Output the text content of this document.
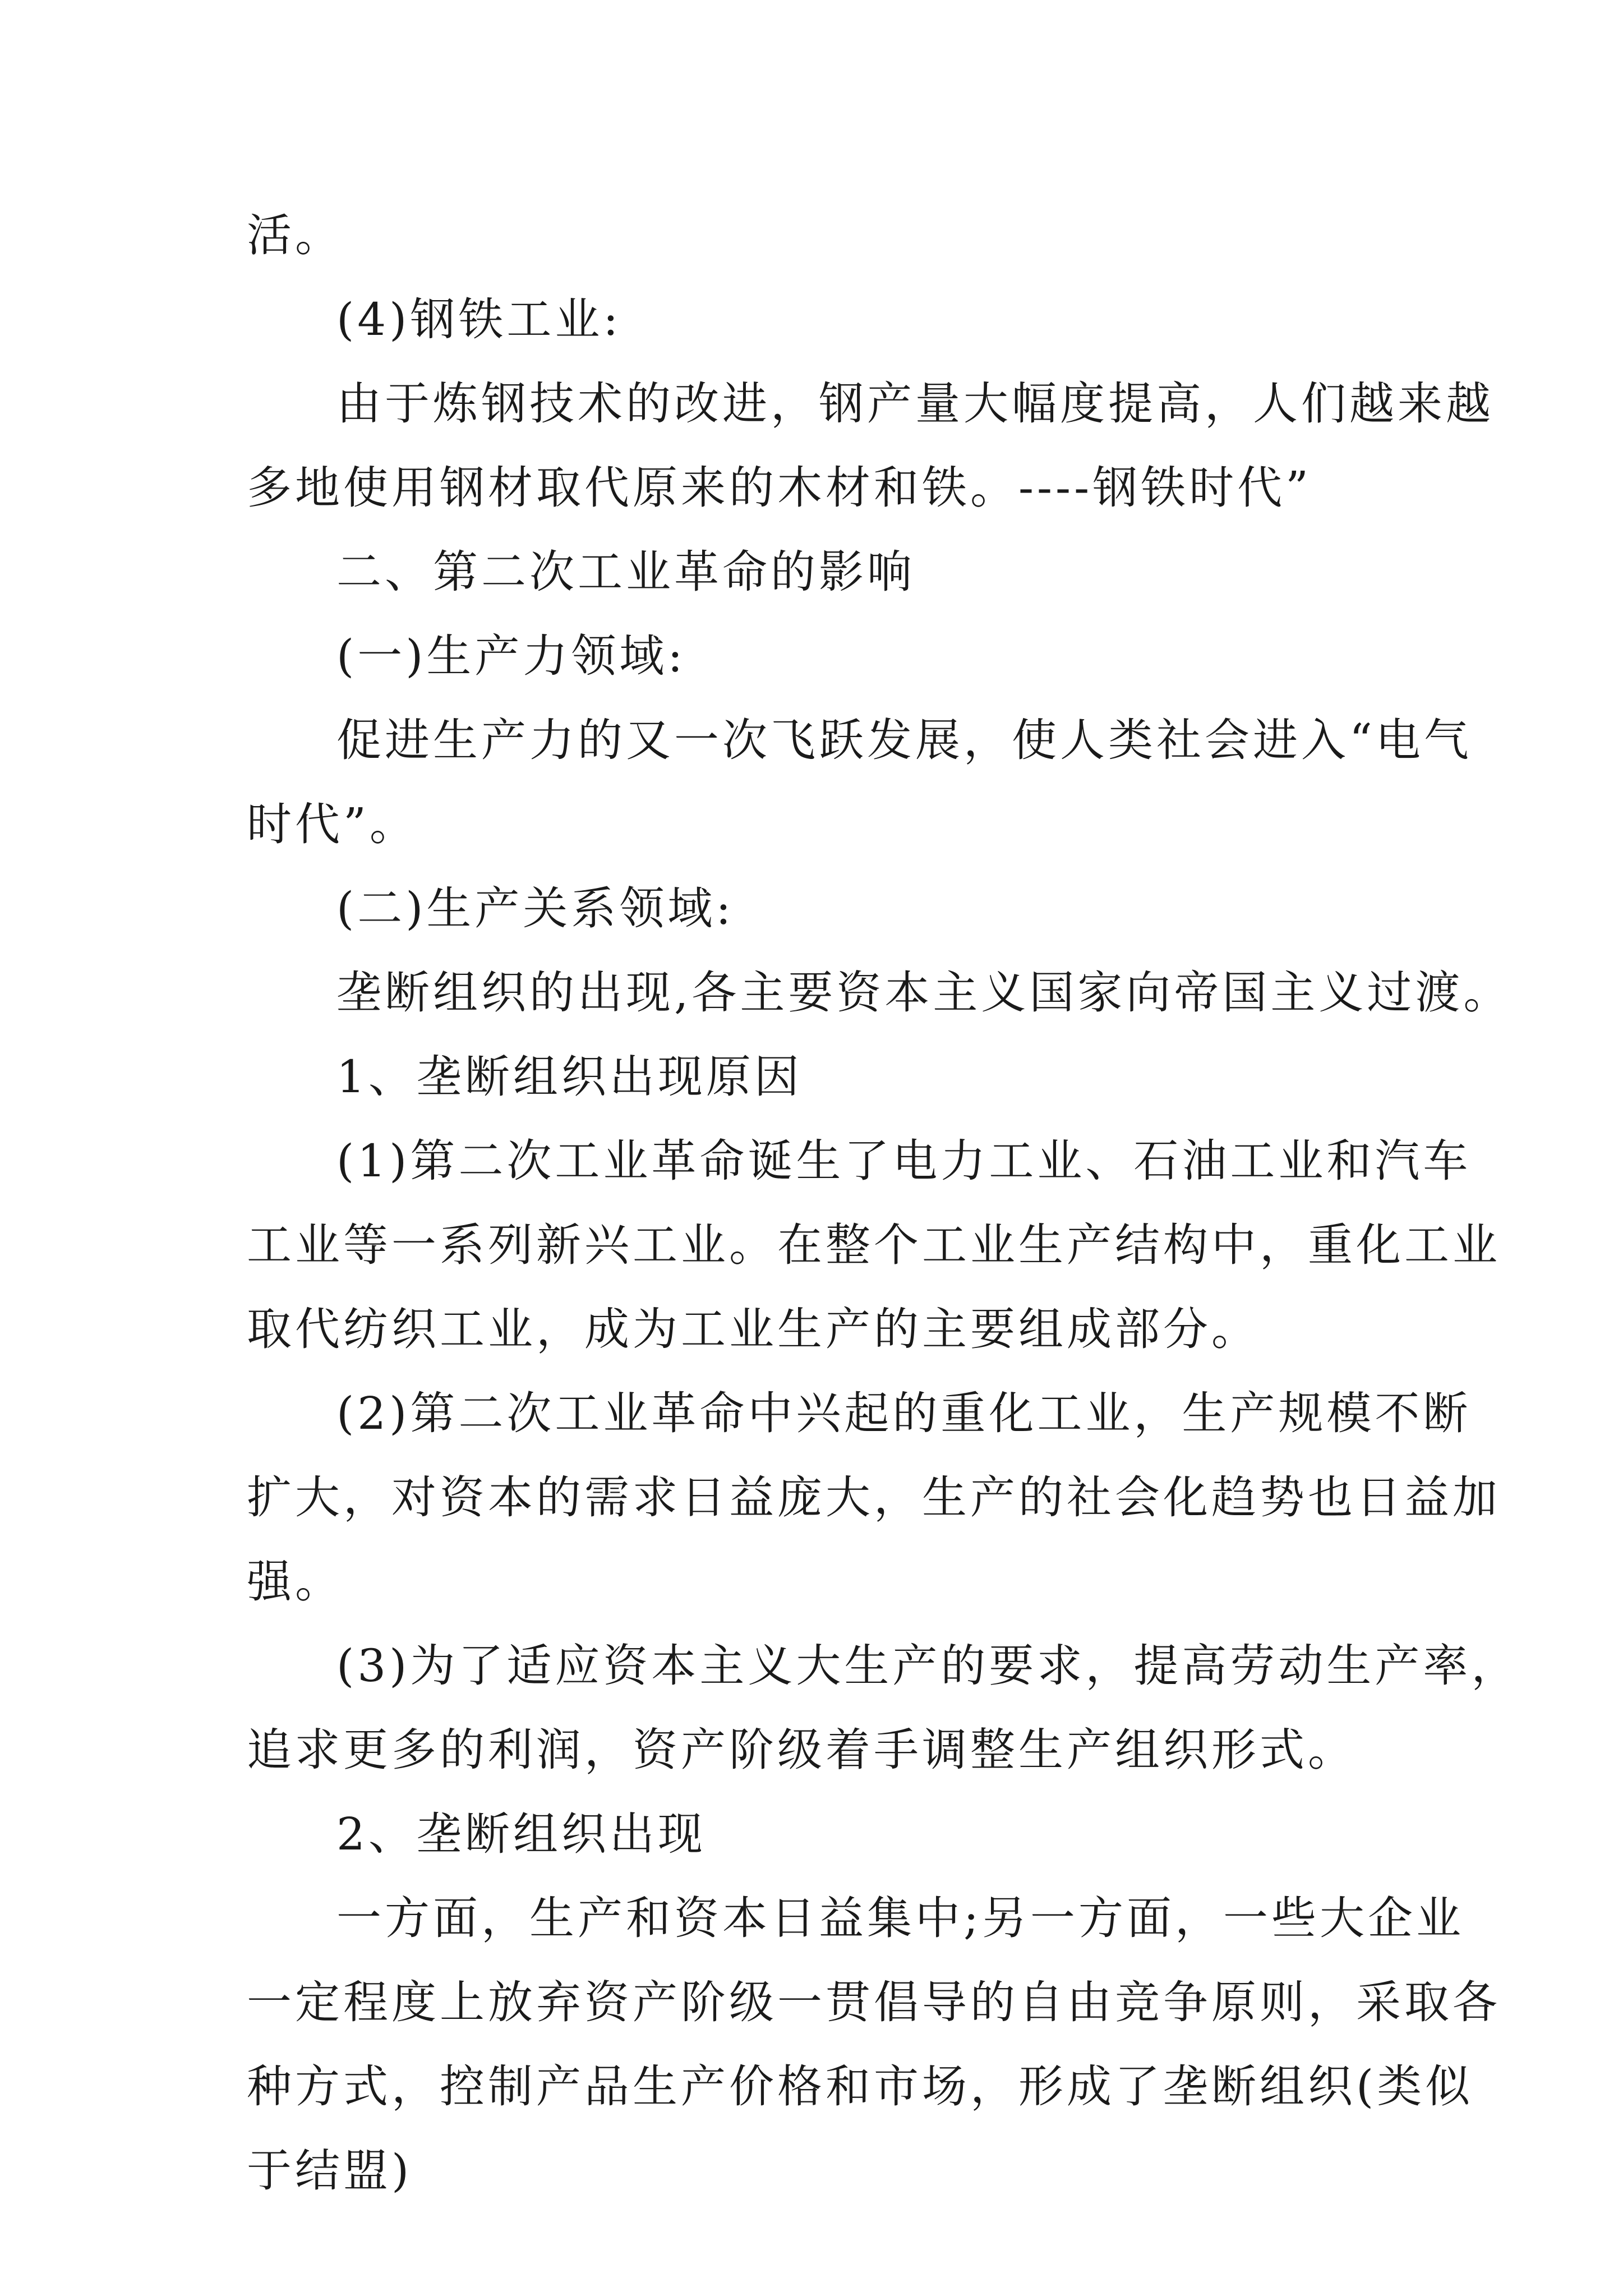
活。
(4)钢铁工业:
由于炼钢技术的改进，钢产量大幅度提高，人们越来越
多地使用钢材取代原来的木材和铁。----钢铁时代”
二、第二次工业革命的影响
(一)生产力领域:
促进生产力的又一次飞跃发展，使人类社会进入“电气
时代”。
(二)生产关系领域:
垄断组织的出现,各主要资本主义国家向帝国主义过渡。
1、垄断组织出现原因
(1)第二次工业革命诞生了电力工业、石油工业和汽车
工业等一系列新兴工业。在整个工业生产结构中，重化工业
取代纺织工业，成为工业生产的主要组成部分。
(2)第二次工业革命中兴起的重化工业，生产规模不断
扩大，对资本的需求日益庞大，生产的社会化趋势也日益加
强。
(3)为了适应资本主义大生产的要求，提高劳动生产率，
追求更多的利润，资产阶级着手调整生产组织形式。
2、垄断组织出现
一方面，生产和资本日益集中;另一方面，一些大企业
一定程度上放弃资产阶级一贯倡导的自由竞争原则，采取各
种方式，控制产品生产价格和市场，形成了垄断组织(类似
于结盟)
